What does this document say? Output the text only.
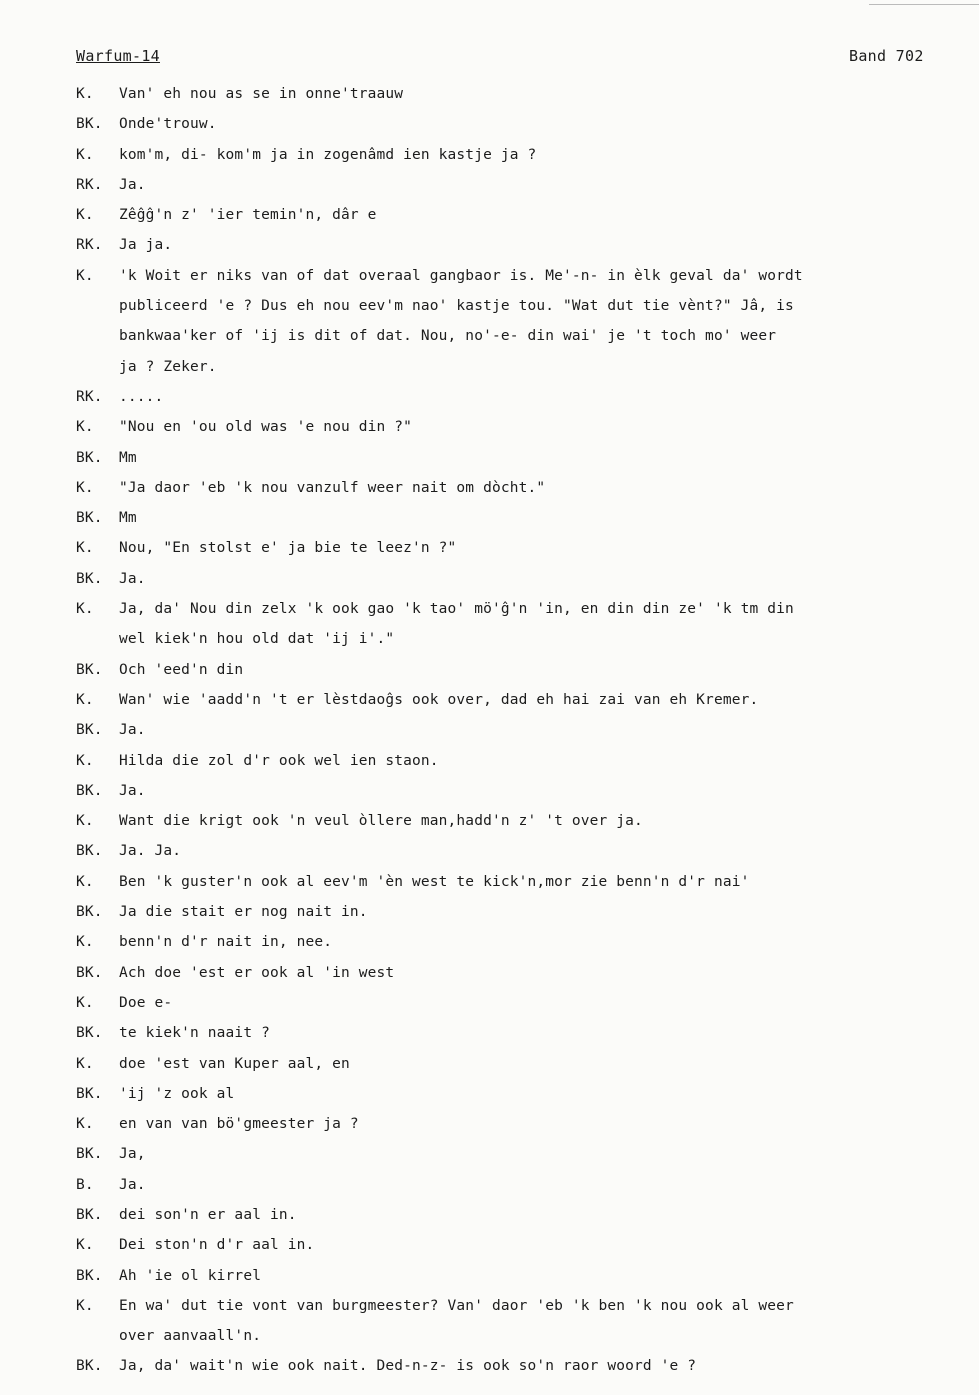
Warfum-14	Band 702
K.	Van' eh nou as se in onne'traauw
BK.	Onde'trouw.
K.	kom'm, di- kom'm ja in zogenâmd ien kastje ja ?
RK.	Ja.
K.	Zêĝĝ'n z' 'ier temin'n, dâr e
RK.	Ja ja.
K.	'k Woit er niks van of dat overaal gangbaor is. Me'-n- in èlk geval da' wordt
publiceerd 'e ? Dus eh nou eev'm nao' kastje tou. "Wat dut tie vènt?" Jâ, is
bankwaa'ker of 'ij is dit of dat. Nou, no'-e- din wai' je 't toch mo' weer
ja ? Zeker.
RK.	.....
K.	"Nou en 'ou old was 'e nou din ?"
BK.	Mm
K.	"Ja daor 'eb 'k nou vanzulf weer nait om dòcht."
BK.	Mm
K.	Nou, "En stolst e' ja bie te leez'n ?"
BK.	Ja.
K.	Ja, da' Nou din zelx 'k ook gao 'k tao' mö'ĝ'n 'in, en din din ze' 'k tm din
wel kiek'n hou old dat 'ij i'."
BK.	Och 'eed'n din
K.	Wan' wie 'aadd'n 't er lèstdaoĝs ook over, dad eh hai zai van eh Kremer.
BK.	Ja.
K.	Hilda die zol d'r ook wel ien staon.
BK.	Ja.
K.	Want die krigt ook 'n veul òllere man,hadd'n z' 't over ja.
BK.	Ja. Ja.
K.	Ben 'k guster'n ook al eev'm 'èn west te kick'n,mor zie benn'n d'r nai'
BK.	Ja die stait er nog nait in.
K.	benn'n d'r nait in, nee.
BK.	Ach doe 'est er ook al 'in west
K.	Doe e-
BK.	te kiek'n naait ?
K.	doe 'est van Kuper aal, en
BK.	'ij 'z ook al
K.	en van van bö'gmeester ja ?
BK.	Ja,
B.	Ja.
BK.	dei son'n er aal in.
K.	Dei ston'n d'r aal in.
BK.	Ah 'ie ol kirrel
K.	En wa' dut tie vont van burgmeester? Van' daor 'eb 'k ben 'k nou ook al weer
over aanvaall'n.
BK.	Ja, da' wait'n wie ook nait. Ded-n-z- is ook so'n raor woord 'e ?
